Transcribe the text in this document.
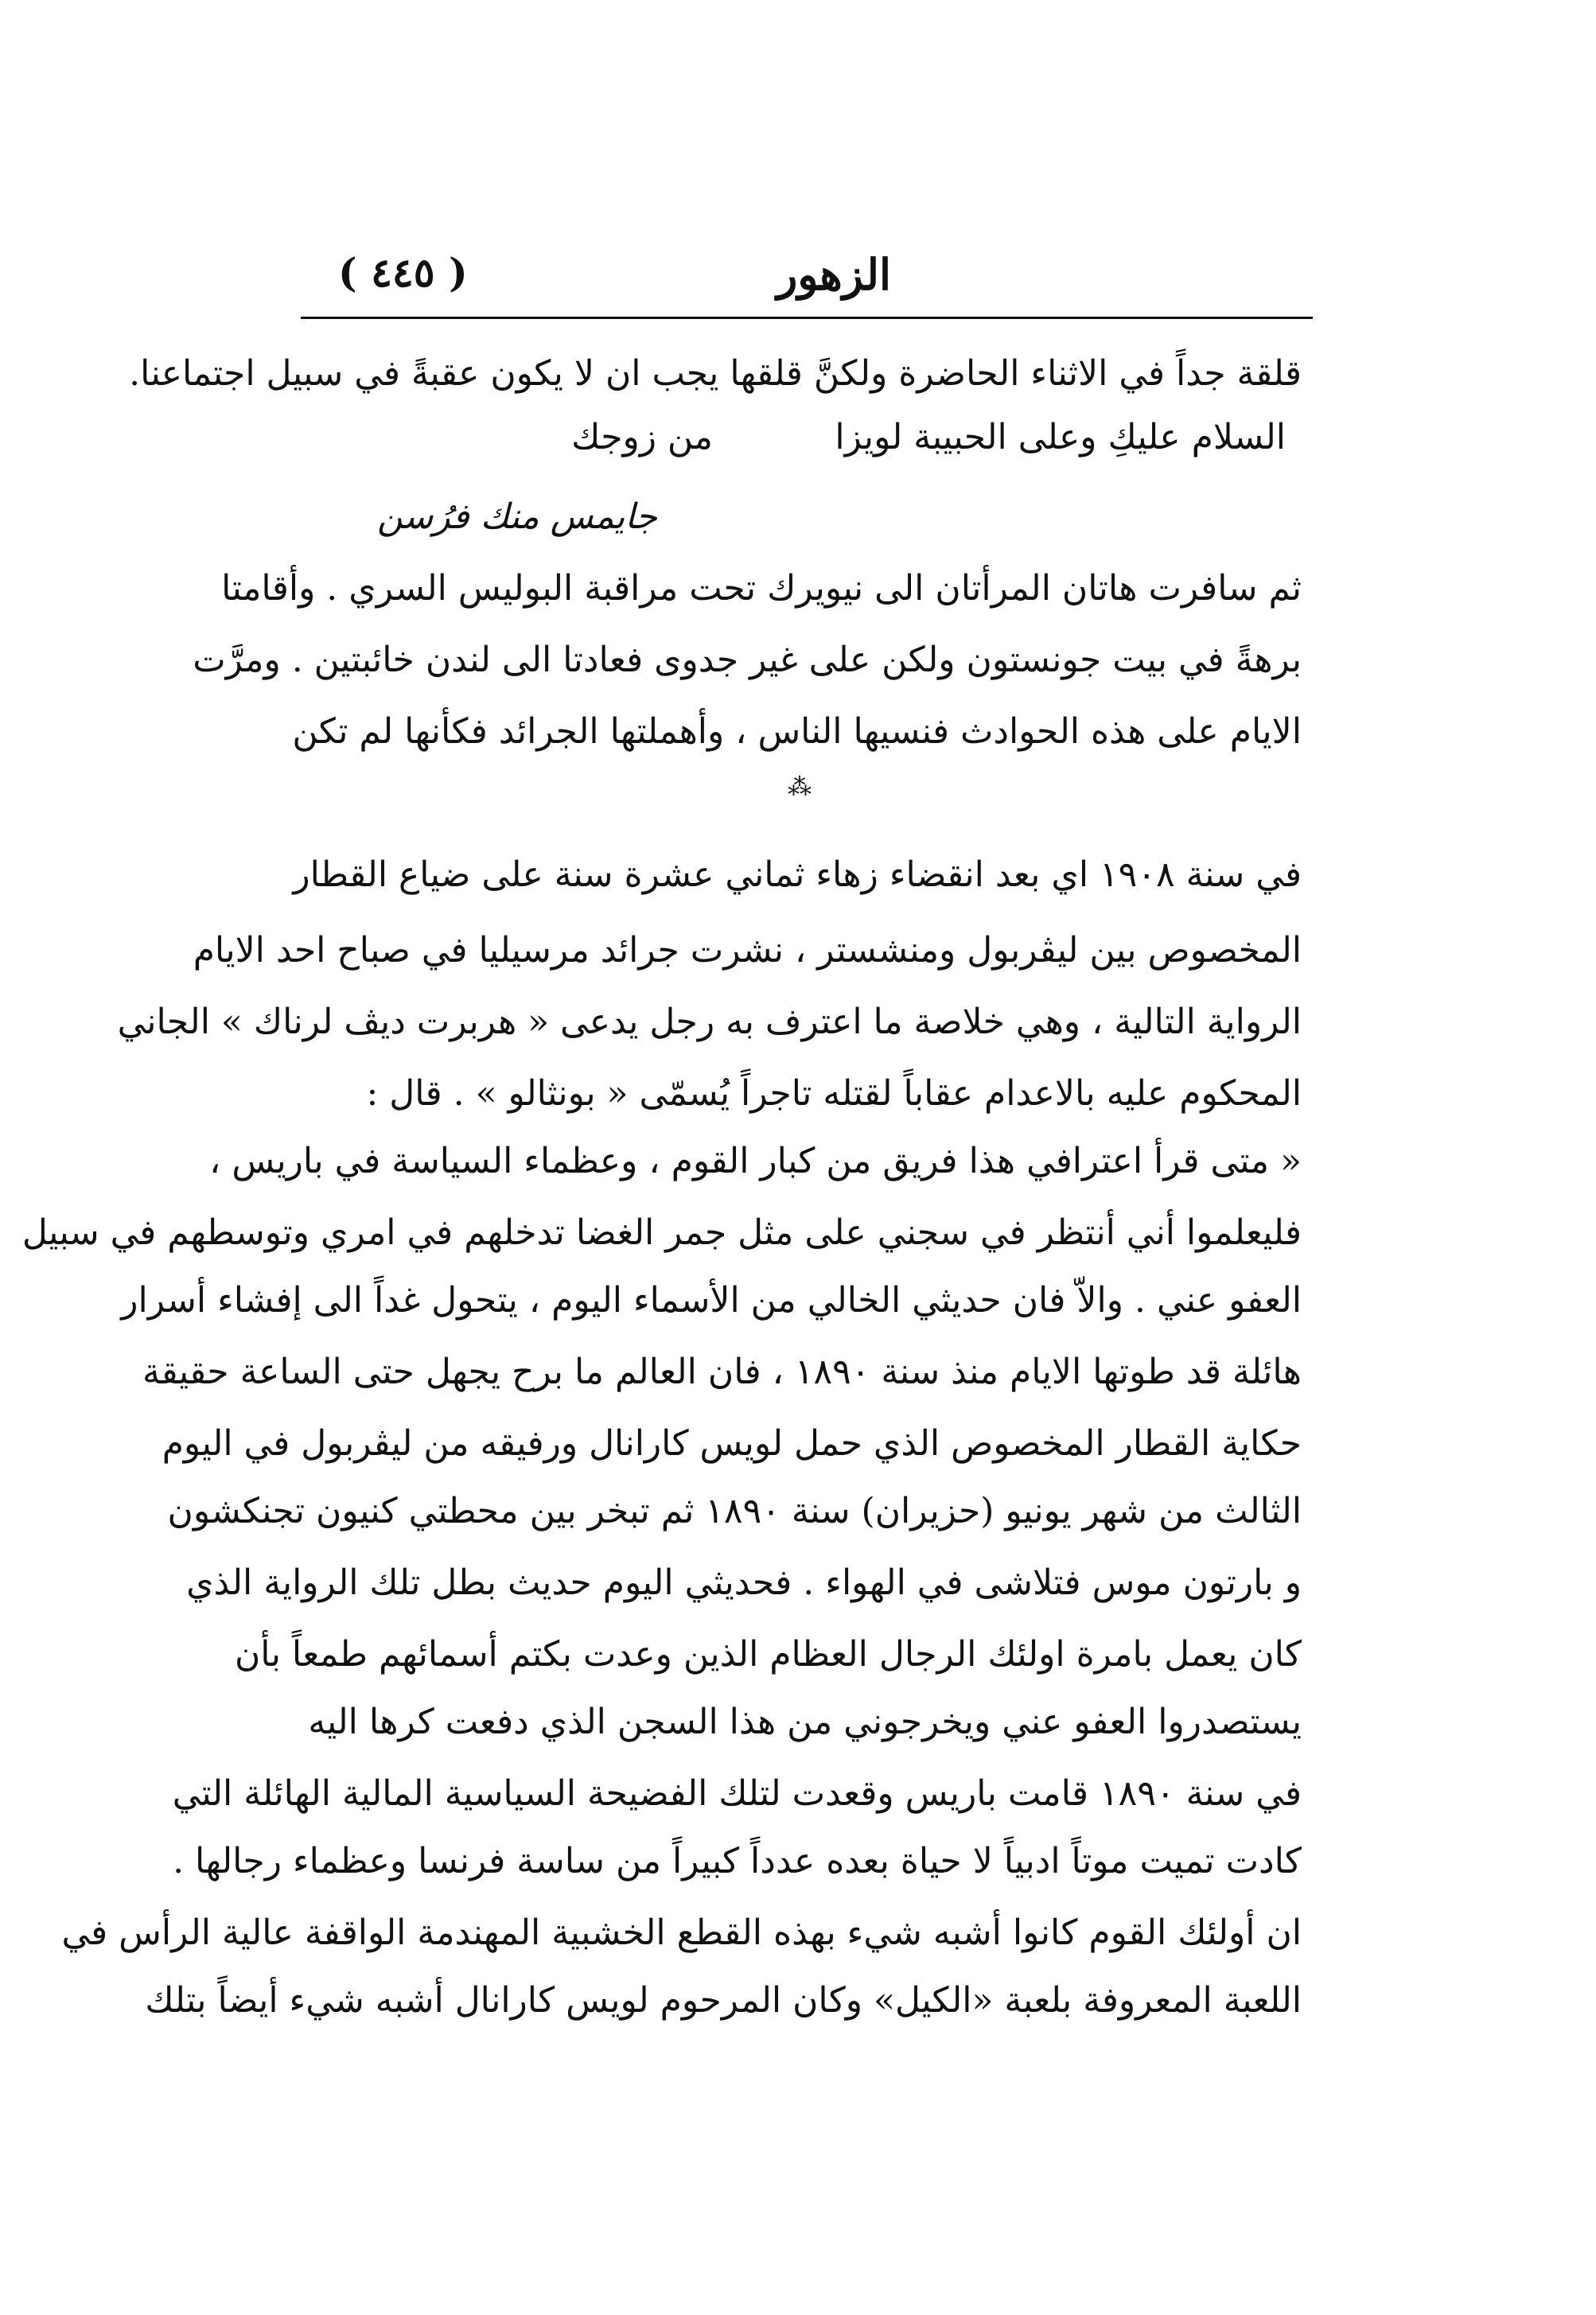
الزهور
( ٤٤٥ )
قلقة جداً في الاثناء الحاضرة ولكنَّ قلقها يجب ان لا يكون عقبةً في سبيل اجتماعنا.
السلام عليكِ وعلى الحبيبة لويزا
من زوجك
جايمس منك فرُسن
ثم سافرت هاتان المرأتان الى نيويرك تحت مراقبة البوليس السري . وأقامتا
برهةً في بيت جونستون ولكن على غير جدوى فعادتا الى لندن خائبتين . ومرَّت
الايام على هذه الحوادث فنسيها الناس ، وأهملتها الجرائد فكأنها لم تكن
⁂
في سنة ١٩٠٨ اي بعد انقضاء زهاء ثماني عشرة سنة على ضياع القطار
المخصوص بين ليڤربول ومنشستر ، نشرت جرائد مرسيليا في صباح احد الايام
الرواية التالية ، وهي خلاصة ما اعترف به رجل يدعى « هربرت ديڤ لرناك » الجاني
المحكوم عليه بالاعدام عقاباً لقتله تاجراً يُسمّى « بونثالو » . قال :
« متى قرأ اعترافي هذا فريق من كبار القوم ، وعظماء السياسة في باريس ،
فليعلموا أني أنتظر في سجني على مثل جمر الغضا تدخلهم في امري وتوسطهم في سبيل
العفو عني . والاّ فان حديثي الخالي من الأسماء اليوم ، يتحول غداً الى إفشاء أسرار
هائلة قد طوتها الايام منذ سنة ١٨٩٠ ، فان العالم ما برح يجهل حتى الساعة حقيقة
حكاية القطار المخصوص الذي حمل لويس كارانال ورفيقه من ليڤربول في اليوم
الثالث من شهر يونيو (حزيران) سنة ١٨٩٠ ثم تبخر بين محطتي كنيون تجنكشون
و بارتون موس فتلاشى في الهواء . فحديثي اليوم حديث بطل تلك الرواية الذي
كان يعمل بامرة اولئك الرجال العظام الذين وعدت بكتم أسمائهم طمعاً بأن
يستصدروا العفو عني ويخرجوني من هذا السجن الذي دفعت كرها اليه
في سنة ١٨٩٠ قامت باريس وقعدت لتلك الفضيحة السياسية المالية الهائلة التي
كادت تميت موتاً ادبياً لا حياة بعده عدداً كبيراً من ساسة فرنسا وعظماء رجالها .
ان أولئك القوم كانوا أشبه شيء بهذه القطع الخشبية المهندمة الواقفة عالية الرأس في
اللعبة المعروفة بلعبة «الكيل» وكان المرحوم لويس كارانال أشبه شيء أيضاً بتلك
